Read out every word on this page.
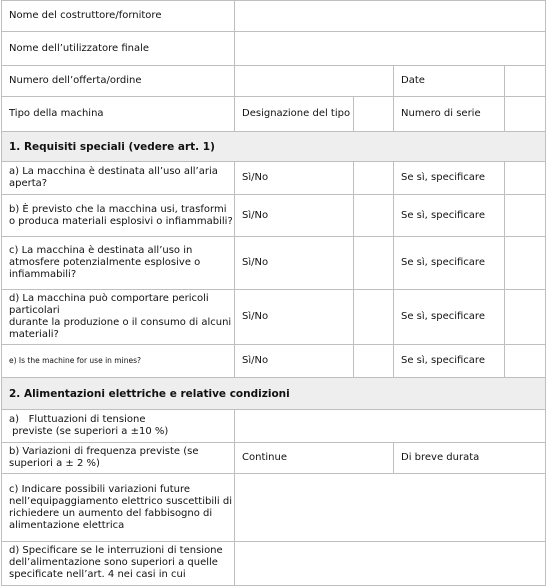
Nome del costruttore/fornitore				
Nome dell’utilizzatore finale				
Numero dell’offerta/ordine			Date	
Tipo della machina	Designazione del tipo		Numero di serie	
1. Requisiti speciali (vedere art. 1)				
a) La macchina è destinata all’uso all’aria aperta?	Sì/No		Se sì, specificare	
b) È previsto che la macchina usi, trasformi o produca materiali esplosivi o infiammabili?	Sì/No		Se sì, specificare	
c) La macchina è destinata all’uso in atmosfere potenzialmente esplosive o infiammabili?	Sì/No		Se sì, specificare	
d) La macchina può comportare pericoli particolari
durante la produzione o il consumo di alcuni materiali?	Sì/No		Se sì, specificare	
e) Is the machine for use in mines?	Sì/No		Se sì, specificare	
2. Alimentazioni elettriche e relative condizioni				
a)   Fluttuazioni di tensione
previste (se superiori a ±10 %)				
b) Variazioni di frequenza previste (se superiori a ± 2 %)	Continue		Di breve durata	
c) Indicare possibili variazioni future nell’equipaggiamento elettrico suscettibili di richiedere un aumento del fabbisogno di alimentazione elettrica				
d) Specificare se le interruzioni di tensione dell’alimentazione sono superiori a quelle specificate nell’art. 4 nei casi in cui				
